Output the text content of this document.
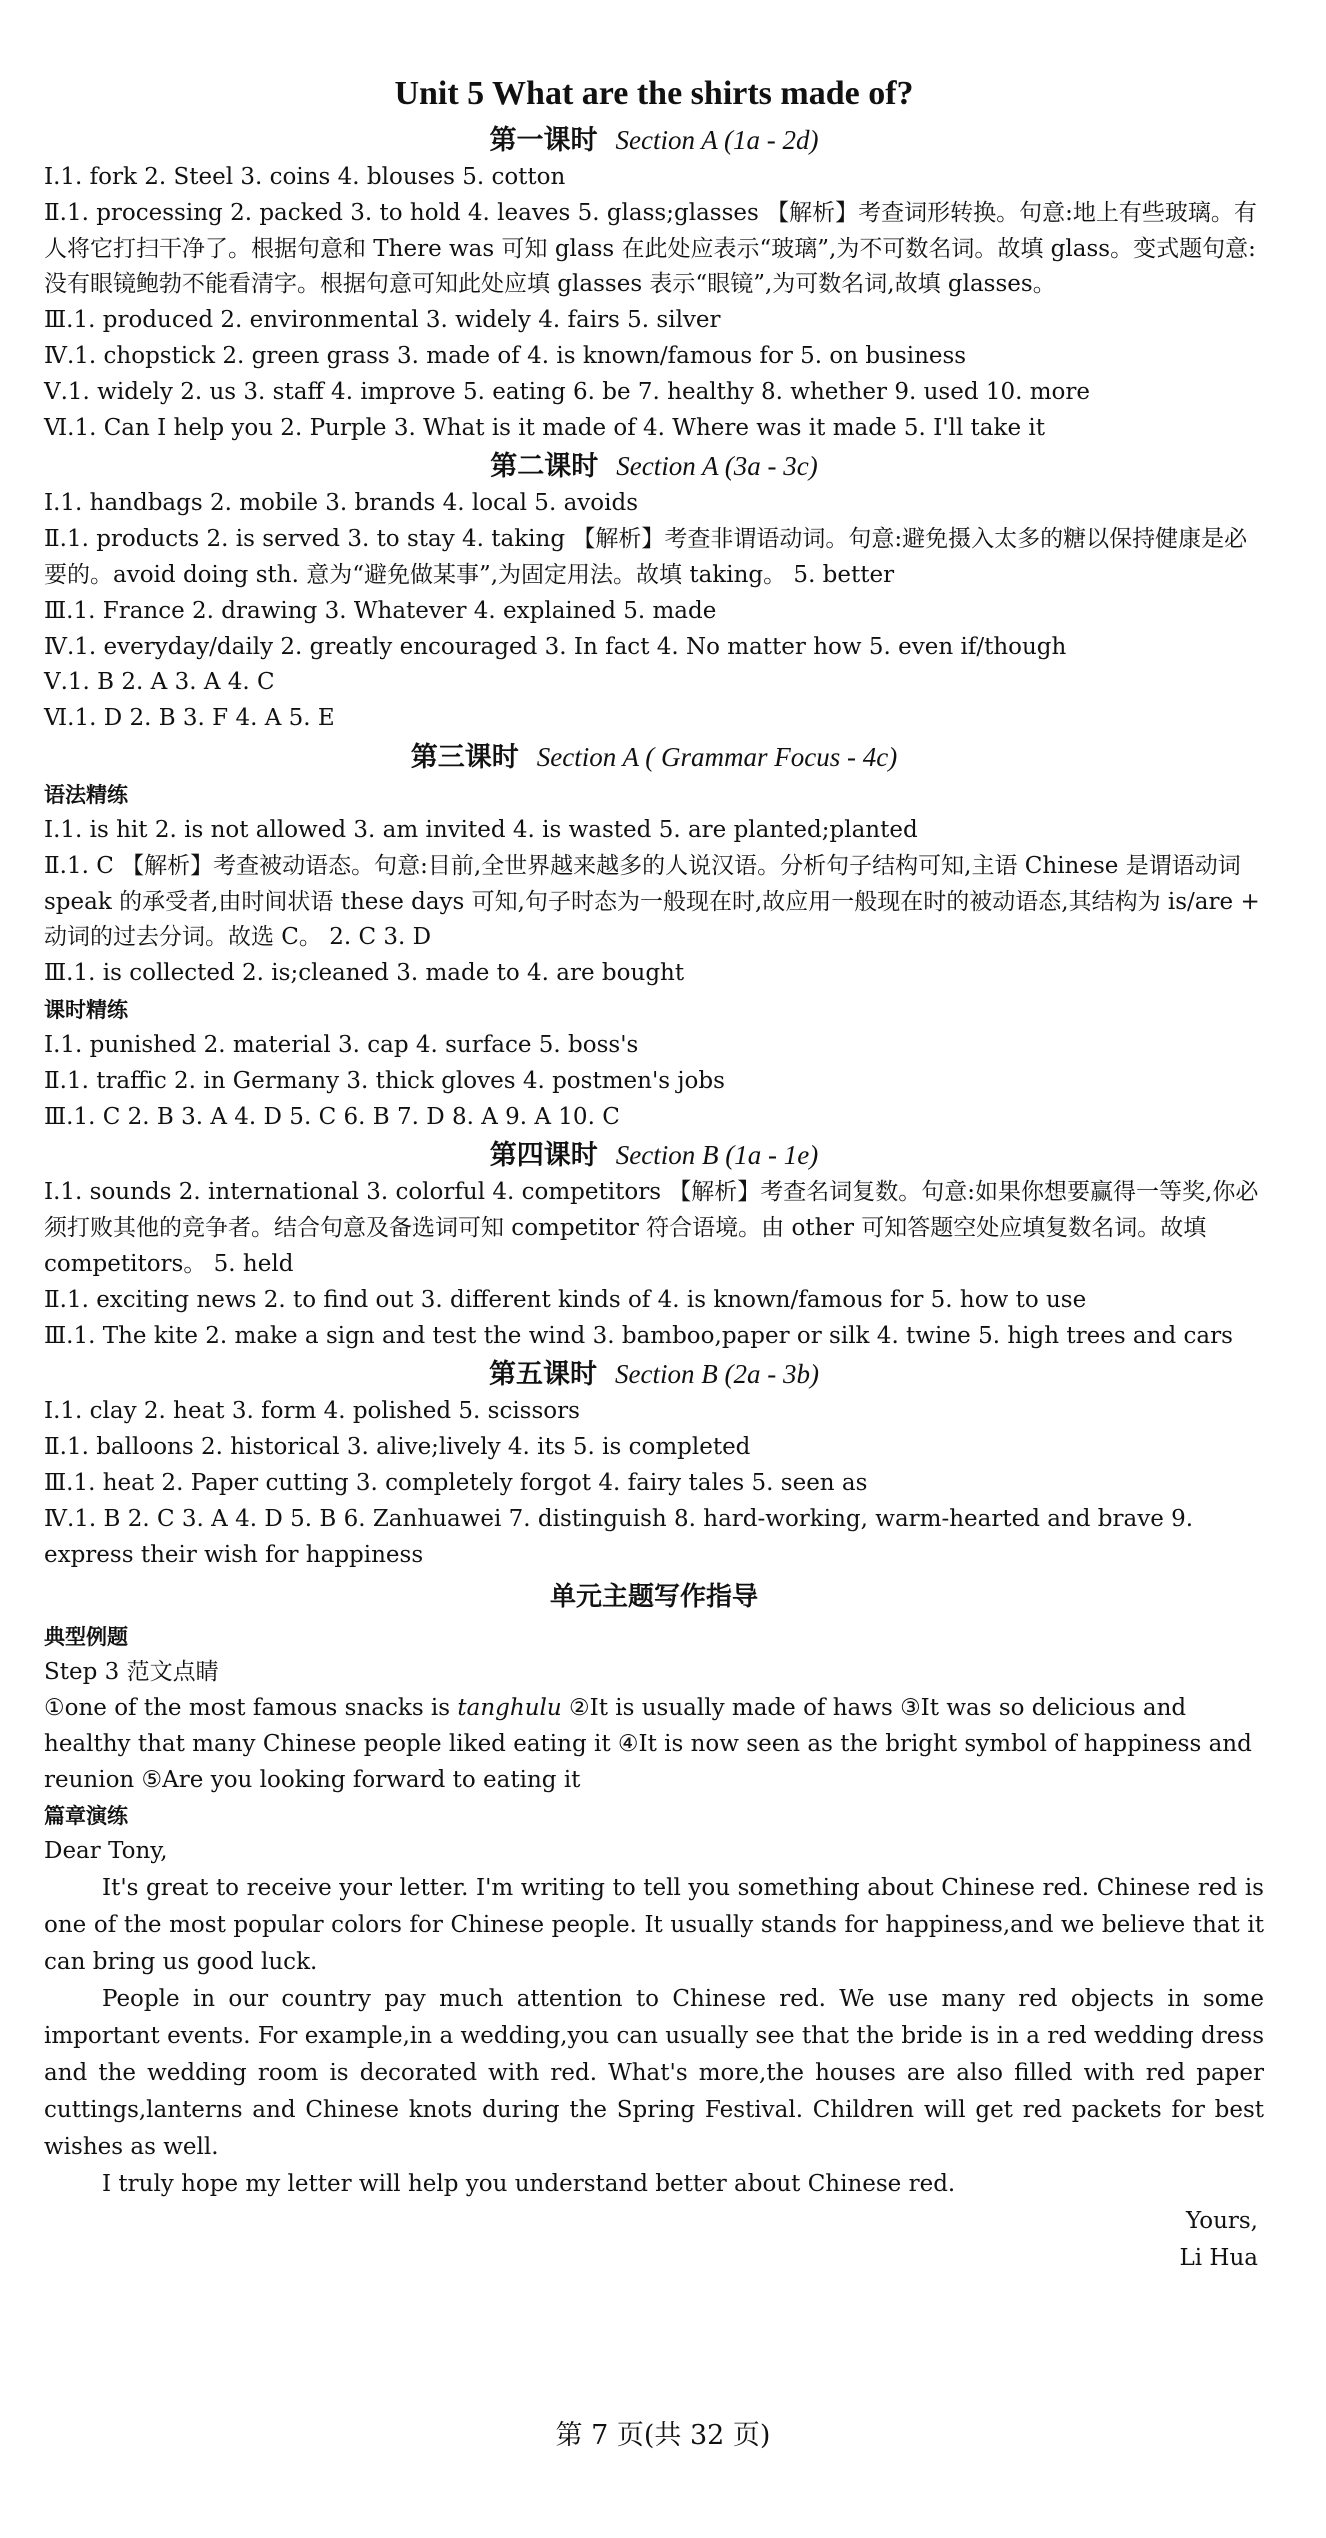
Unit 5 What are the shirts made of?
第一课时 Section A (1a - 2d)
Ⅰ.1. fork 2. Steel 3. coins 4. blouses 5. cotton
Ⅱ.1. processing 2. packed 3. to hold 4. leaves 5. glass;glasses 【解析】考查词形转换。句意:地上有些玻璃。有人将它打扫干净了。根据句意和 There was 可知 glass 在此处应表示“玻璃”,为不可数名词。故填 glass。变式题句意:没有眼镜鲍勃不能看清字。根据句意可知此处应填 glasses 表示“眼镜”,为可数名词,故填 glasses。
Ⅲ.1. produced 2. environmental 3. widely 4. fairs 5. silver
Ⅳ.1. chopstick 2. green grass 3. made of 4. is known/famous for 5. on business
Ⅴ.1. widely 2. us 3. staff 4. improve 5. eating 6. be 7. healthy 8. whether 9. used 10. more
Ⅵ.1. Can I help you 2. Purple 3. What is it made of 4. Where was it made 5. I'll take it
第二课时 Section A (3a - 3c)
Ⅰ.1. handbags 2. mobile 3. brands 4. local 5. avoids
Ⅱ.1. products 2. is served 3. to stay 4. taking 【解析】考查非谓语动词。句意:避免摄入太多的糖以保持健康是必要的。avoid doing sth. 意为“避免做某事”,为固定用法。故填 taking。 5. better
Ⅲ.1. France 2. drawing 3. Whatever 4. explained 5. made
Ⅳ.1. everyday/daily 2. greatly encouraged 3. In fact 4. No matter how 5. even if/though
Ⅴ.1. B 2. A 3. A 4. C
Ⅵ.1. D 2. B 3. F 4. A 5. E
第三课时 Section A ( Grammar Focus - 4c)
语法精练
Ⅰ.1. is hit 2. is not allowed 3. am invited 4. is wasted 5. are planted;planted
Ⅱ.1. C 【解析】考查被动语态。句意:目前,全世界越来越多的人说汉语。分析句子结构可知,主语 Chinese 是谓语动词 speak 的承受者,由时间状语 these days 可知,句子时态为一般现在时,故应用一般现在时的被动语态,其结构为 is/are + 动词的过去分词。故选 C。 2. C 3. D
Ⅲ.1. is collected 2. is;cleaned 3. made to 4. are bought
课时精练
Ⅰ.1. punished 2. material 3. cap 4. surface 5. boss's
Ⅱ.1. traffic 2. in Germany 3. thick gloves 4. postmen's jobs
Ⅲ.1. C 2. B 3. A 4. D 5. C 6. B 7. D 8. A 9. A 10. C
第四课时 Section B (1a - 1e)
Ⅰ.1. sounds 2. international 3. colorful 4. competitors 【解析】考查名词复数。句意:如果你想要赢得一等奖,你必须打败其他的竞争者。结合句意及备选词可知 competitor 符合语境。由 other 可知答题空处应填复数名词。故填 competitors。 5. held
Ⅱ.1. exciting news 2. to find out 3. different kinds of 4. is known/famous for 5. how to use
Ⅲ.1. The kite 2. make a sign and test the wind 3. bamboo,paper or silk 4. twine 5. high trees and cars
第五课时 Section B (2a - 3b)
Ⅰ.1. clay 2. heat 3. form 4. polished 5. scissors
Ⅱ.1. balloons 2. historical 3. alive;lively 4. its 5. is completed
Ⅲ.1. heat 2. Paper cutting 3. completely forgot 4. fairy tales 5. seen as
Ⅳ.1. B 2. C 3. A 4. D 5. B 6. Zanhuawei 7. distinguish 8. hard-working, warm-hearted and brave 9. express their wish for happiness
单元主题写作指导
典型例题
Step 3 范文点睛
①one of the most famous snacks is tanghulu ②It is usually made of haws ③It was so delicious and healthy that many Chinese people liked eating it ④It is now seen as the bright symbol of happiness and reunion ⑤Are you looking forward to eating it
篇章演练
Dear Tony,
It's great to receive your letter. I'm writing to tell you something about Chinese red. Chinese red is one of the most popular colors for Chinese people. It usually stands for happiness,and we believe that it can bring us good luck.
People in our country pay much attention to Chinese red. We use many red objects in some important events. For example,in a wedding,you can usually see that the bride is in a red wedding dress and the wedding room is decorated with red. What's more,the houses are also filled with red paper cuttings,lanterns and Chinese knots during the Spring Festival. Children will get red packets for best wishes as well.
I truly hope my letter will help you understand better about Chinese red.
Yours,
Li Hua
第 7 页(共 32 页)
